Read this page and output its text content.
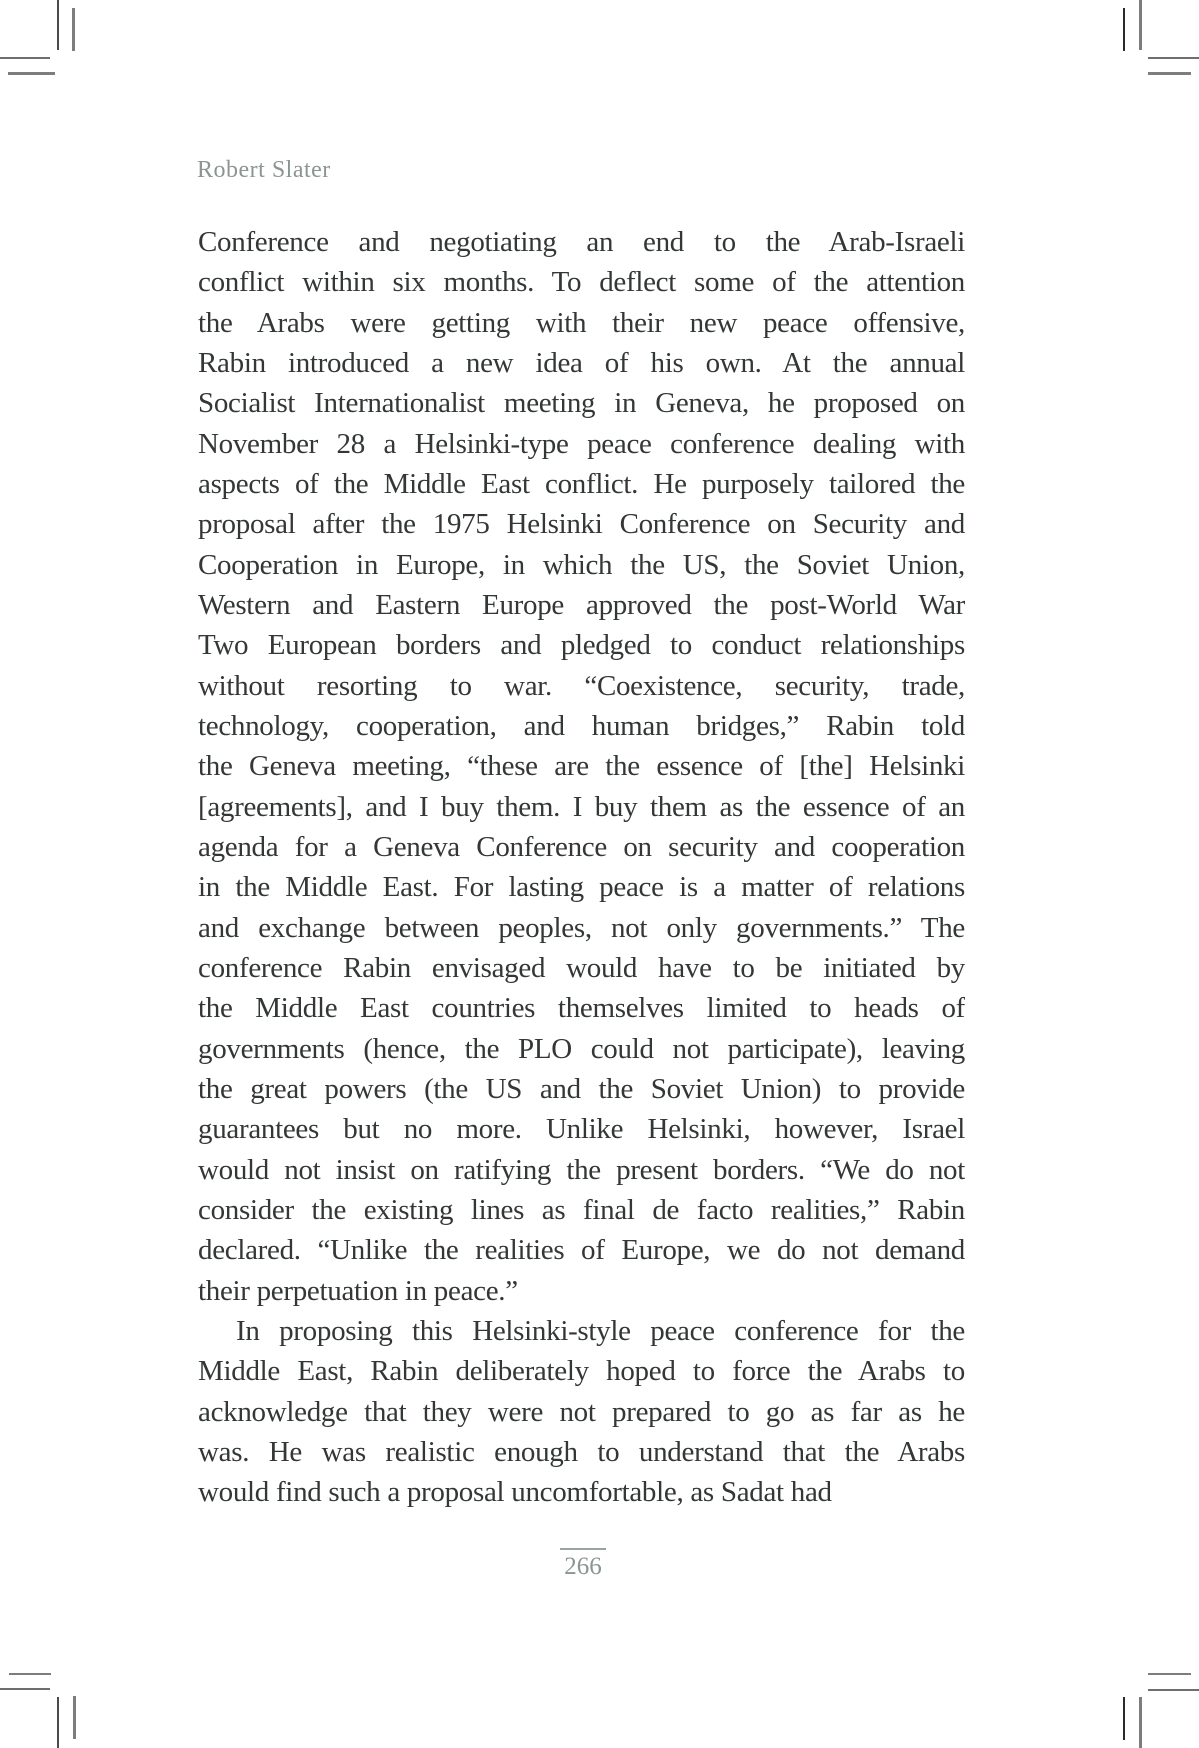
Robert Slater
Conference and negotiating an end to the Arab-Israeli
conflict within six months. To deflect some of the attention
the Arabs were getting with their new peace offensive,
Rabin introduced a new idea of his own. At the annual
Socialist Internationalist meeting in Geneva, he proposed on
November 28 a Helsinki-type peace conference dealing with
aspects of the Middle East conflict. He purposely tailored the
proposal after the 1975 Helsinki Conference on Security and
Cooperation in Europe, in which the US, the Soviet Union,
Western and Eastern Europe approved the post-World War
Two European borders and pledged to conduct relationships
without resorting to war. “Coexistence, security, trade,
technology, cooperation, and human bridges,” Rabin told
the Geneva meeting, “these are the essence of [the] Helsinki
[agreements], and I buy them. I buy them as the essence of an
agenda for a Geneva Conference on security and cooperation
in the Middle East. For lasting peace is a matter of relations
and exchange between peoples, not only governments.” The
conference Rabin envisaged would have to be initiated by
the Middle East countries themselves limited to heads of
governments (hence, the PLO could not participate), leaving
the great powers (the US and the Soviet Union) to provide
guarantees but no more. Unlike Helsinki, however, Israel
would not insist on ratifying the present borders. “We do not
consider the existing lines as final de facto realities,” Rabin
declared. “Unlike the realities of Europe, we do not demand
their perpetuation in peace.”
In proposing this Helsinki-style peace conference for the
Middle East, Rabin deliberately hoped to force the Arabs to
acknowledge that they were not prepared to go as far as he
was. He was realistic enough to understand that the Arabs
would find such a proposal uncomfortable, as Sadat had
266
